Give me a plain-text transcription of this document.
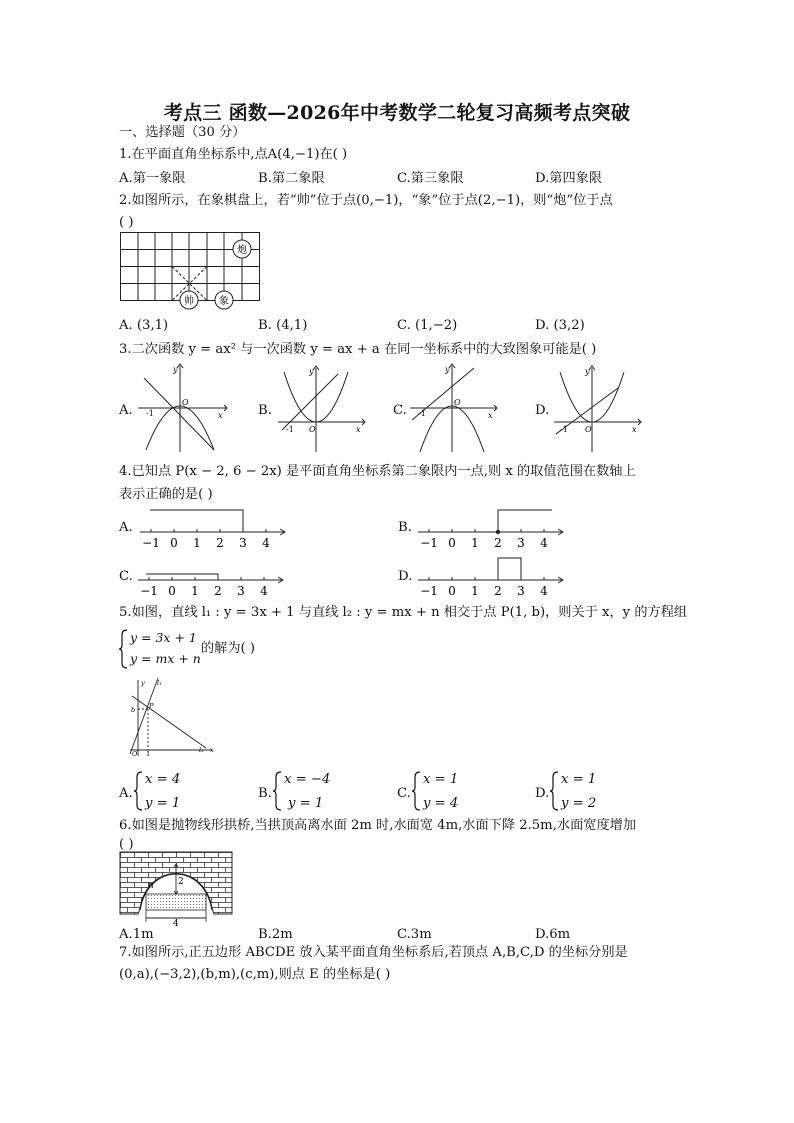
考点三 函数—2026年中考数学二轮复习高频考点突破
一、选择题（30 分）
1.在平面直角坐标系中,点A(4,−1)在( )
A.第一象限	B.第二象限	C.第三象限	D.第四象限
2.如图所示，在象棋盘上，若“帅”位于点(0,−1)，“象”位于点(2,−1)，则“炮”位于点
( )
炮
帅	象
A. (3,1)	B. (4,1)	C. (1,−2)	D. (3,2)
3.二次函数 y = ax² 与一次函数 y = ax + a 在同一坐标系中的大致图象可能是( )
A.
y
x
O
-1	B.
y
x
O
-1
C.
y
x
O
-1	D.
y
x
O
-1
4.已知点 P(x − 2, 6 − 2x) 是平面直角坐标系第二象限内一点,则 x 的取值范围在数轴上
表示正确的是( )
A.
−1 0 1 2 3 4
B.
−1 0 1 2 3 4
C.
−1 0 1 2 3 4
D.
−1 0 1 2 3 4
5.如图，直线 l₁ : y = 3x + 1 与直线 l₂ : y = mx + n 相交于点 P(1, b)，则关于 x，y 的方程组
y = 3x + 1
y = mx + n
的解为( )
y l₁
l₂
b P
O 1	x
A.
x = 4
y = 1
B.
x = −4
y = 1
C.
x = 1
y = 4
D.
x = 1
y = 2
6.如图是抛物线形拱桥,当拱顶高离水面 2m 时,水面宽 4m,水面下降 2.5m,水面宽度增加
( )
2
n
4
A.1m	B.2m	C.3m	D.6m
7.如图所示,正五边形 ABCDE 放入某平面直角坐标系后,若顶点 A,B,C,D 的坐标分别是
(0,a),(−3,2),(b,m),(c,m),则点 E 的坐标是( )
